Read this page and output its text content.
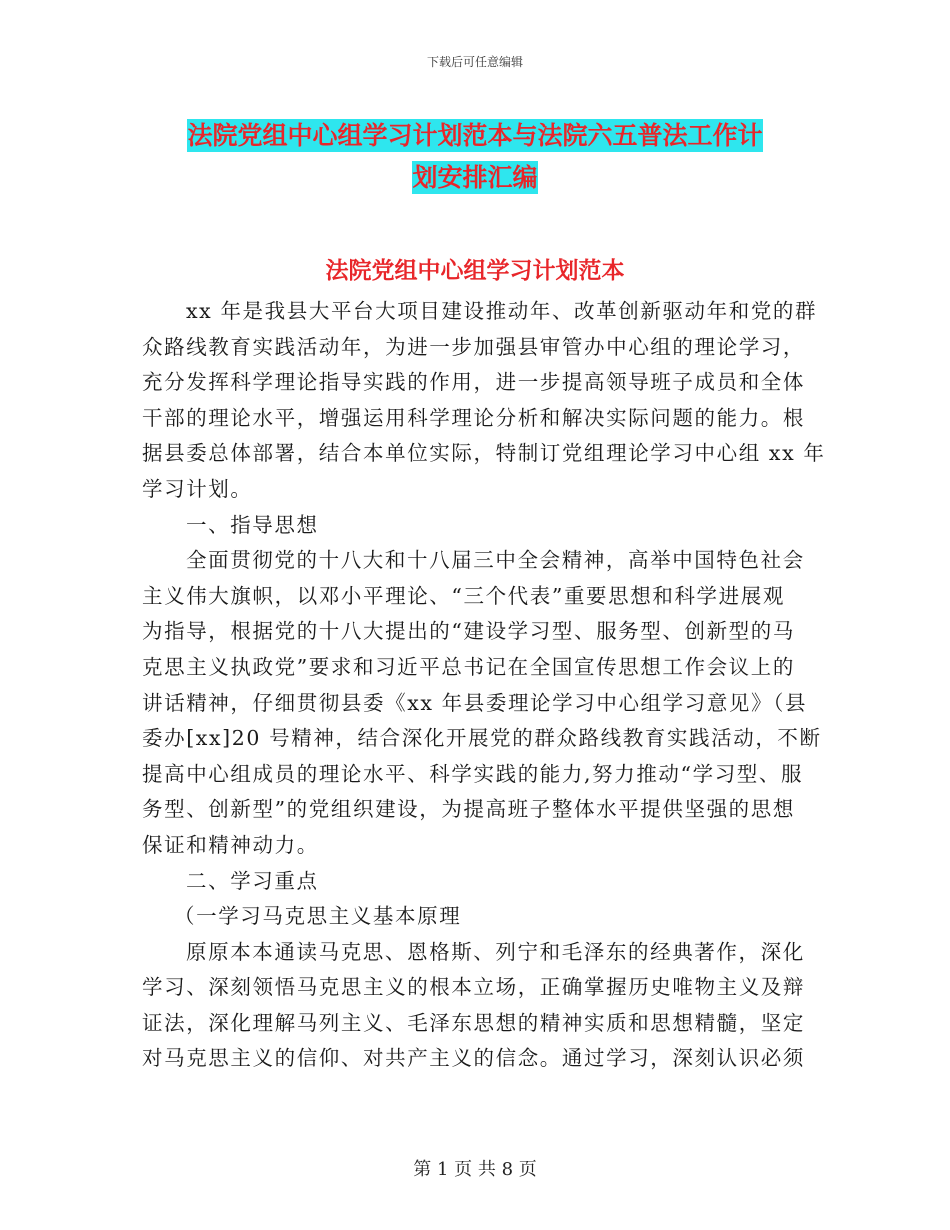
下载后可任意编辑
法院党组中心组学习计划范本与法院六五普法工作计
划安排汇编
法院党组中心组学习计划范本
xx 年是我县大平台大项目建设推动年、改革创新驱动年和党的群
众路线教育实践活动年，为进一步加强县审管办中心组的理论学习，
充分发挥科学理论指导实践的作用，进一步提高领导班子成员和全体
干部的理论水平，增强运用科学理论分析和解决实际问题的能力。根
据县委总体部署，结合本单位实际，特制订党组理论学习中心组 xx 年
学习计划。
一、指导思想
全面贯彻党的十八大和十八届三中全会精神，高举中国特色社会
主义伟大旗帜，以邓小平理论、“三个代表”重要思想和科学进展观
为指导，根据党的十八大提出的“建设学习型、服务型、创新型的马
克思主义执政党”要求和习近平总书记在全国宣传思想工作会议上的
讲话精神，仔细贯彻县委《xx 年县委理论学习中心组学习意见》（县
委办[xx]20 号精神，结合深化开展党的群众路线教育实践活动，不断
提高中心组成员的理论水平、科学实践的能力,努力推动“学习型、服
务型、创新型”的党组织建设，为提高班子整体水平提供坚强的思想
保证和精神动力。
二、学习重点
（一学习马克思主义基本原理
原原本本通读马克思、恩格斯、列宁和毛泽东的经典著作，深化
学习、深刻领悟马克思主义的根本立场，正确掌握历史唯物主义及辩
证法，深化理解马列主义、毛泽东思想的精神实质和思想精髓，坚定
对马克思主义的信仰、对共产主义的信念。通过学习，深刻认识必须
第 1 页 共 8 页
